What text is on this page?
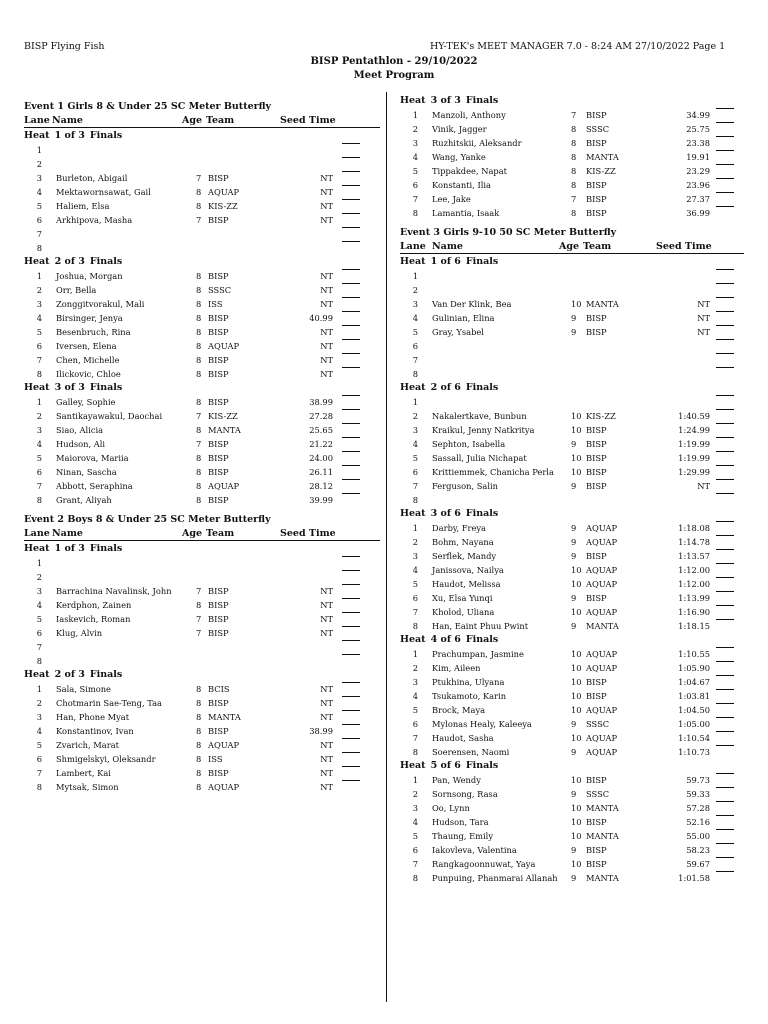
BISP Flying Fish	HY-TEK's MEET MANAGER 7.0 - 8:24 AM 27/10/2022 Page 1
BISP Pentathlon - 29/10/2022
Meet Program
Event 1 Girls 8 & Under 25 SC Meter Butterfly
Lane Name	Age Team	Seed Time
Heat 1 of 3 Finals
1
2
3 Burleton, Abigail	7 BISP	NT
4 Mektawornsawat, Gail	8 AQUAP	NT
5 Haliem, Elsa	8 KIS-ZZ	NT
6 Arkhipova, Masha	7 BISP	NT
7
8
Heat 2 of 3 Finals
1 Joshua, Morgan	8 BISP	NT
2 Orr, Bella	8 SSSC	NT
3 Zonggitvorakul, Mali	8 ISS	NT
4 Birsinger, Jenya	8 BISP	40.99
5 Besenbruch, Rina	8 BISP	NT
6 Iversen, Elena	8 AQUAP	NT
7 Chen, Michelle	8 BISP	NT
8 Ilickovic, Chloe	8 BISP	NT
Heat 3 of 3 Finals
1 Galley, Sophie	8 BISP	38.99
2 Santikayawakul, Daochai	7 KIS-ZZ	27.28
3 Siao, Alicia	8 MANTA	25.65
4 Hudson, Ali	7 BISP	21.22
5 Maiorova, Mariia	8 BISP	24.00
6 Ninan, Sascha	8 BISP	26.11
7 Abbott, Seraphina	8 AQUAP	28.12
8 Grant, Aliyah	8 BISP	39.99
Event 2 Boys 8 & Under 25 SC Meter Butterfly
Lane Name	Age Team	Seed Time
Heat 1 of 3 Finals
1
2
3 Barrachina Navalinsk, John	7 BISP	NT
4 Kerdphon, Zainen	8 BISP	NT
5 Iaskevich, Roman	7 BISP	NT
6 Klug, Alvin	7 BISP	NT
7
8
Heat 2 of 3 Finals
1 Sala, Simone	8 BCIS	NT
2 Chotmarin Sae-Teng, Taa	8 BISP	NT
3 Han, Phone Myat	8 MANTA	NT
4 Konstantinov, Ivan	8 BISP	38.99
5 Zvarich, Marat	8 AQUAP	NT
6 Shmigelskyi, Oleksandr	8 ISS	NT
7 Lambert, Kai	8 BISP	NT
8 Mytsak, Simon	8 AQUAP	NT
Heat 3 of 3 Finals
1 Manzoli, Anthony	7 BISP	34.99
2 Vinik, Jagger	8 SSSC	25.75
3 Ruzhitskii, Aleksandr	8 BISP	23.38
4 Wang, Yanke	8 MANTA	19.91
5 Tippakdee, Napat	8 KIS-ZZ	23.29
6 Konstanti, Ilia	8 BISP	23.96
7 Lee, Jake	7 BISP	27.37
8 Lamantia, Isaak	8 BISP	36.99
Event 3 Girls 9-10 50 SC Meter Butterfly
Lane Name	Age Team	Seed Time
Heat 1 of 6 Finals
1
2
3 Van Der Klink, Bea	10 MANTA	NT
4 Gulinian, Elina	9 BISP	NT
5 Gray, Ysabel	9 BISP	NT
6
7
8
Heat 2 of 6 Finals
1
2 Nakalertkave, Bunbun	10 KIS-ZZ	1:40.59
3 Kraikul, Jenny Natkritya	10 BISP	1:24.99
4 Sephton, Isabella	9 BISP	1:19.99
5 Sassall, Julia Nichapat	10 BISP	1:19.99
6 Krittiemmek, Chanicha Perla 10 BISP	1:29.99
7 Ferguson, Salin	9 BISP	NT
8
Heat 3 of 6 Finals
1 Darby, Freya	9 AQUAP	1:18.08
2 Bohm, Nayana	9 AQUAP	1:14.78
3 Serflek, Mandy	9 BISP	1:13.57
4 Janissova, Nailya	10 AQUAP	1:12.00
5 Haudot, Melissa	10 AQUAP	1:12.00
6 Xu, Elsa Yunqi	9 BISP	1:13.99
7 Kholod, Uliana	10 AQUAP	1:16.90
8 Han, Eaint Phuu Pwint	9 MANTA	1:18.15
Heat 4 of 6 Finals
1 Prachumpan, Jasmine	10 AQUAP	1:10.55
2 Kim, Aileen	10 AQUAP	1:05.90
3 Ptukhina, Ulyana	10 BISP	1:04.67
4 Tsukamoto, Karin	10 BISP	1:03.81
5 Brock, Maya	10 AQUAP	1:04.50
6 Mylonas Healy, Kaleeya	9 SSSC	1:05.00
7 Haudot, Sasha	10 AQUAP	1:10.54
8 Soerensen, Naomi	9 AQUAP	1:10.73
Heat 5 of 6 Finals
1 Pan, Wendy	10 BISP	59.73
2 Sornsong, Rasa	9 SSSC	59.33
3 Oo, Lynn	10 MANTA	57.28
4 Hudson, Tara	10 BISP	52.16
5 Thaung, Emily	10 MANTA	55.00
6 Iakovleva, Valentina	9 BISP	58.23
7 Rangkagoonnuwat, Yaya	10 BISP	59.67
8 Punpuing, Phanmarai Allanah 9 MANTA	1:01.58
